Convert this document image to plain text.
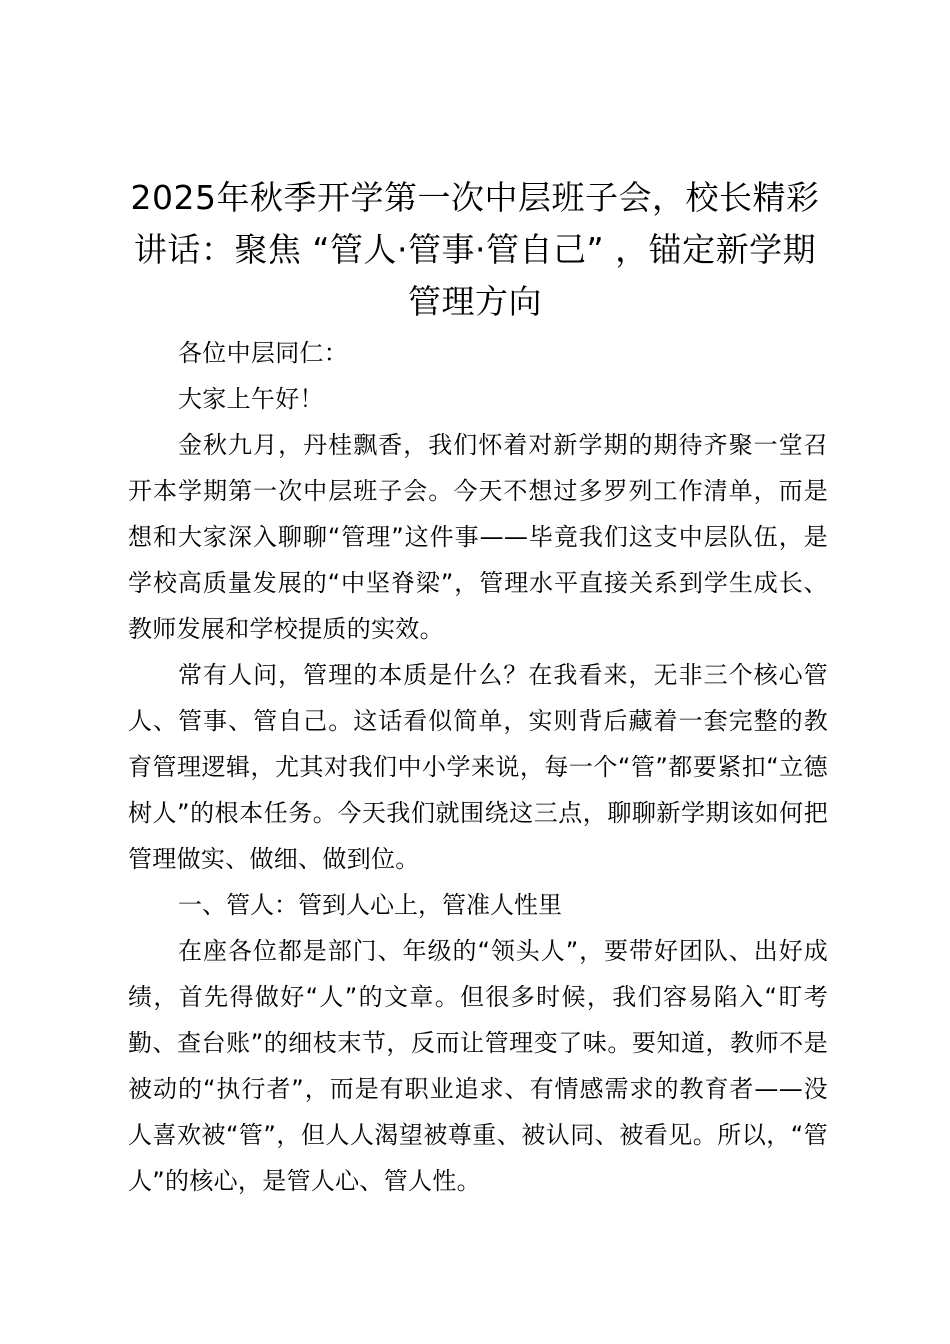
2025年秋季开学第一次中层班子会，校长精彩讲话：聚焦 “管人·管事·管自己” ，锚定新学期管理方向

各位中层同仁：

大家上午好！

金秋九月，丹桂飘香，我们怀着对新学期的期待齐聚一堂召开本学期第一次中层班子会。今天不想过多罗列工作清单，而是想和大家深入聊聊“管理”这件事——毕竟我们这支中层队伍，是学校高质量发展的“中坚脊梁”，管理水平直接关系到学生成长、教师发展和学校提质的实效。

常有人问，管理的本质是什么？在我看来，无非三个核心管人、管事、管自己。这话看似简单，实则背后藏着一套完整的教育管理逻辑，尤其对我们中小学来说，每一个“管”都要紧扣“立德树人”的根本任务。今天我们就围绕这三点，聊聊新学期该如何把管理做实、做细、做到位。

一、管人：管到人心上，管准人性里

在座各位都是部门、年级的“领头人”，要带好团队、出好成绩，首先得做好“人”的文章。但很多时候，我们容易陷入“盯考勤、查台账”的细枝末节，反而让管理变了味。要知道，教师不是被动的“执行者”，而是有职业追求、有情感需求的教育者——没人喜欢被“管”，但人人渴望被尊重、被认同、被看见。所以，“管人”的核心，是管人心、管人性。
